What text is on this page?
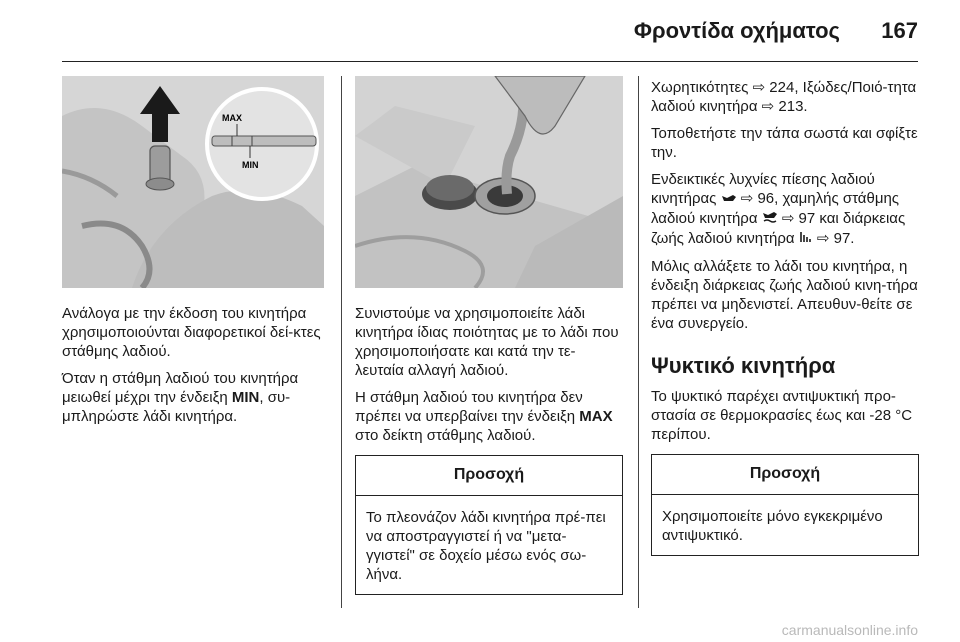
Φροντίδα οχήματος 167
MAX
MIN

Ανάλογα με την έκδοση του κινητήρα χρησιμοποιούνται διαφορετικοί δεί-κτες στάθμης λαδιού.

Όταν η στάθμη λαδιού του κινητήρα μειωθεί μέχρι την ένδειξη MIN, συ-μπληρώστε λάδι κινητήρα.

Συνιστούμε να χρησιμοποιείτε λάδι κινητήρα ίδιας ποιότητας με το λάδι που χρησιμοποιήσατε και κατά την τε-λευταία αλλαγή λαδιού.

Η στάθμη λαδιού του κινητήρα δεν πρέπει να υπερβαίνει την ένδειξη MAX στο δείκτη στάθμης λαδιού.

Προσοχή
Το πλεονάζον λάδι κινητήρα πρέ-πει να αποστραγγιστεί ή να "μετα-γγιστεί" σε δοχείο μέσω ενός σω-λήνα.

Χωρητικότητες ⇨ 224, Ιξώδες/Ποιό-τητα λαδιού κινητήρα ⇨ 213.

Τοποθετήστε την τάπα σωστά και σφίξτε την.

Ενδεικτικές λυχνίες πίεσης λαδιού κινητήρας  ⇨ 96, χαμηλής στάθμης λαδιού κινητήρα  ⇨ 97 και διάρκειας ζωής λαδιού κινητήρα  ⇨ 97.

Μόλις αλλάξετε το λάδι του κινητήρα, η ένδειξη διάρκειας ζωής λαδιού κινη-τήρα πρέπει να μηδενιστεί. Απευθυν-θείτε σε ένα συνεργείο.

Ψυκτικό κινητήρα

Το ψυκτικό παρέχει αντιψυκτική προ-στασία σε θερμοκρασίες έως και -28 °C περίπου.

Προσοχή
Χρησιμοποιείτε μόνο εγκεκριμένο αντιψυκτικό.
carmanualsonline.info
